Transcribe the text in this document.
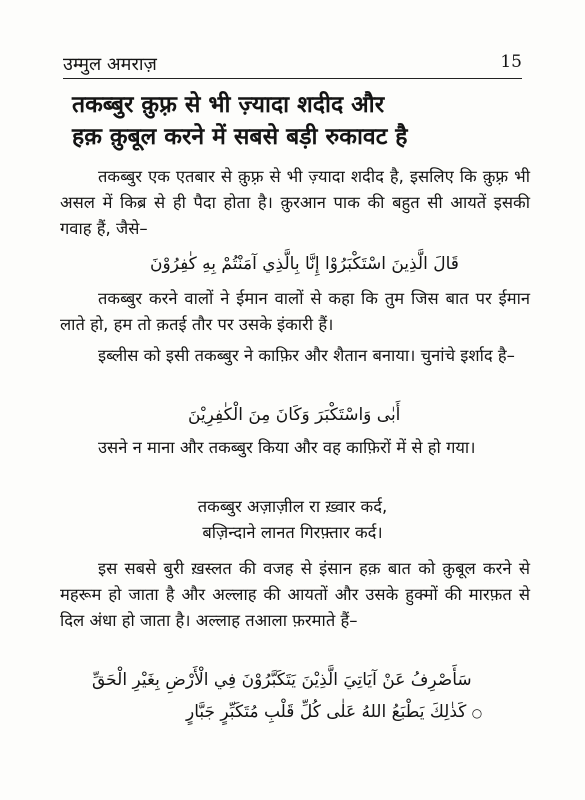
उम्मुल अमराज़	15
तकब्बुर क़ुफ़्र से भी ज़्यादा शदीद और
हक़ क़ुबूल करने में सबसे बड़ी रुकावट है
तकब्बुर एक एतबार से क़ुफ़्र से भी ज़्यादा शदीद है, इसलिए कि क़ुफ़्र भी असल में किब्र से ही पैदा होता है। क़ुरआन पाक की बहुत सी आयतें इसकी गवाह हैं, जैसे–
قَالَ الَّذِينَ اسْتَكْبَرُوْا إِنَّا بِالَّذِي آمَنْتُمْ بِهِ كٰفِرُوْنَ
तकब्बुर करने वालों ने ईमान वालों से कहा कि तुम जिस बात पर ईमान लाते हो, हम तो क़तई तौर पर उसके इंकारी हैं।
इब्लीस को इसी तकब्बुर ने काफ़िर और शैतान बनाया। चुनांचे इर्शाद है–
أَبٰى وَاسْتَكْبَرَ وَكَانَ مِنَ الْكٰفِرِيْنَ
उसने न माना और तकब्बुर किया और वह काफ़िरों में से हो गया।
तकब्बुर अज़ाज़ील रा ख़्वार कर्द,
बज़िन्दाने लानत गिरफ़्तार कर्द।
इस सबसे बुरी ख़स्लत की वजह से इंसान हक़ बात को क़ुबूल करने से महरूम हो जाता है और अल्लाह की आयतों और उसके हुक्मों की मारफ़त से दिल अंधा हो जाता है। अल्लाह तआला फ़रमाते हैं–
سَأَصْرِفُ عَنْ آيَاتِيَ الَّذِيْنَ يَتَكَبَّرُوْنَ فِي الْأَرْضِ بِغَيْرِ الْحَقِّ
○ كَذٰلِكَ يَطْبَعُ اللهُ عَلٰى كُلِّ قَلْبِ مُتَكَبِّرٍ جَبَّارٍ
